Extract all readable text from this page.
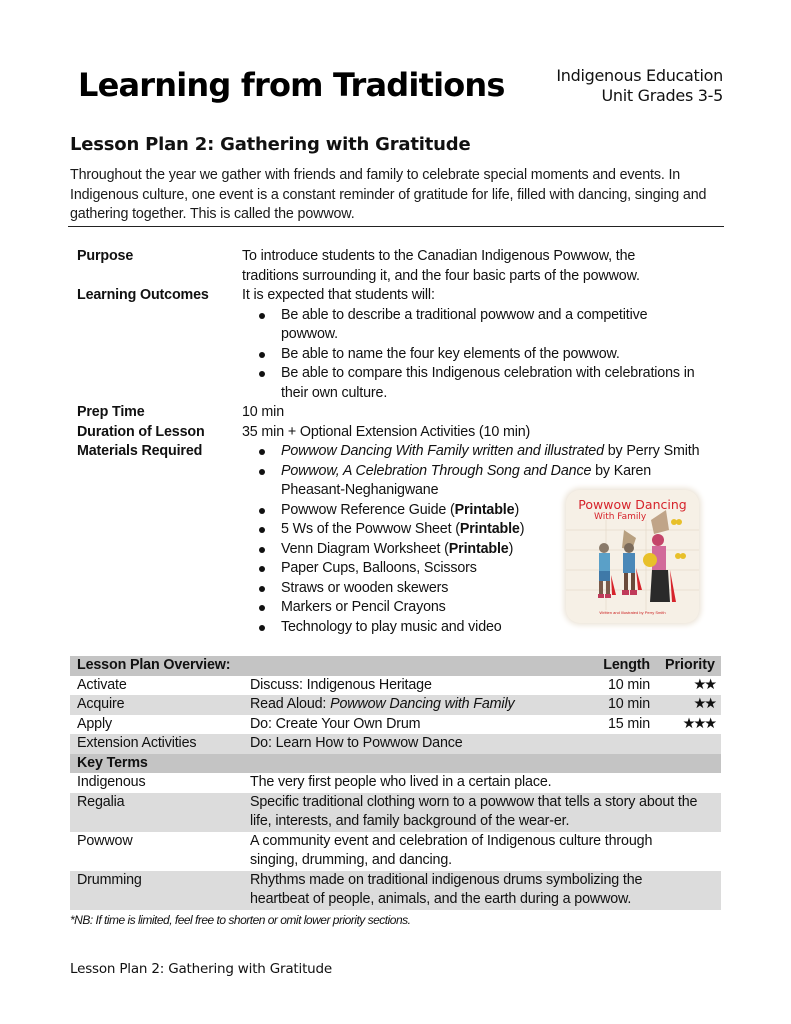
Learning from Traditions	Indigenous Education
Unit Grades 3-5
Lesson Plan 2: Gathering with Gratitude
Throughout the year we gather with friends and family to celebrate special moments and events. In Indigenous culture, one event is a constant reminder of gratitude for life, filled with dancing, singing and gathering together. This is called the powwow.
Purpose	To introduce students to the Canadian Indigenous Powwow, the traditions surrounding it, and the four basic parts of the powwow.
Learning Outcomes	It is expected that students will:
Be able to describe a traditional powwow and a competitive powwow.
Be able to name the four key elements of the powwow.
Be able to compare this Indigenous celebration with celebrations in their own culture.
Prep Time	10 min
Duration of Lesson	35 min + Optional Extension Activities (10 min)
Materials Required	Powwow Dancing With Family written and illustrated by Perry Smith
Powwow, A Celebration Through Song and Dance by Karen Pheasant-Neghanigwane
Powwow Reference Guide (Printable)
5 Ws of the Powwow Sheet (Printable)
Venn Diagram Worksheet (Printable)
Paper Cups, Balloons, Scissors
Straws or wooden skewers
Markers or Pencil Crayons
Technology to play music and video
Powwow Dancing
With Family
Written and Illustrated by Perry Smith
Lesson Plan Overview:	Length	Priority
Activate	Discuss: Indigenous Heritage	10 min	★★
Acquire	Read Aloud: Powwow Dancing with Family	10 min	★★
Apply	Do: Create Your Own Drum	15 min	★★★
Extension Activities	Do: Learn How to Powwow Dance
Key Terms
Indigenous	The very first people who lived in a certain place.
Regalia	Specific traditional clothing worn to a powwow that tells a story about the life, interests, and family background of the wear-er.
Powwow	A community event and celebration of Indigenous culture through singing, drumming, and dancing.
Drumming	Rhythms made on traditional indigenous drums symbolizing the heartbeat of people, animals, and the earth during a powwow.
*NB: If time is limited, feel free to shorten or omit lower priority sections.
Lesson Plan 2: Gathering with Gratitude
